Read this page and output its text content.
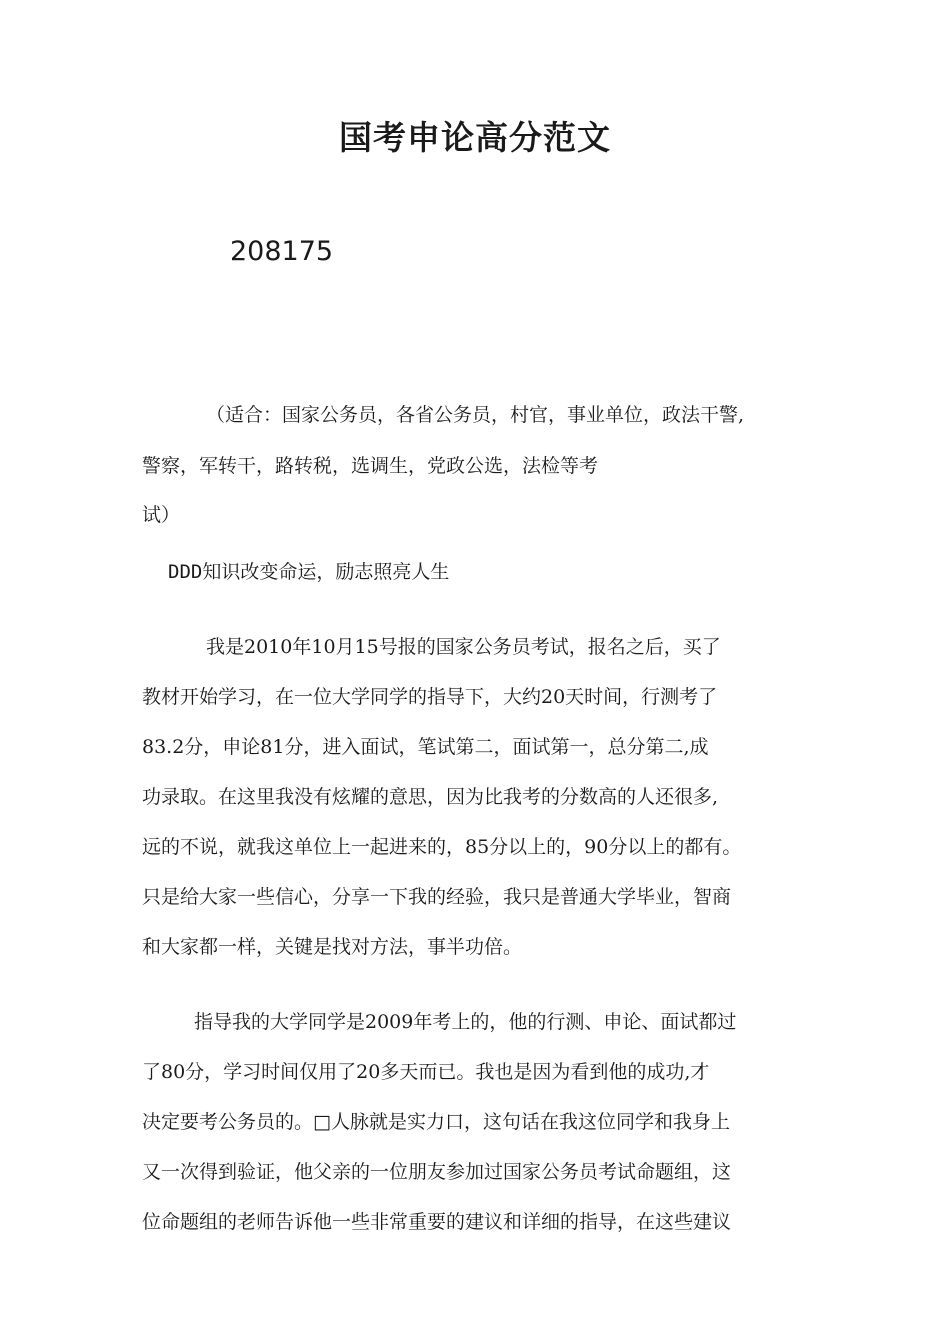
国考申论高分范文
208175
（适合：国家公务员，各省公务员，村官，事业单位，政法干警,
警察，军转干，路转税，选调生，党政公选，法检等考
试）
DDD知识改变命运，励志照亮人生
我是2010年10月15号报的国家公务员考试，报名之后，买了
教材开始学习，在一位大学同学的指导下，大约20天时间，行测考了
83.2分，申论81分，进入面试，笔试第二，面试第一，总分第二,成
功录取。在这里我没有炫耀的意思，因为比我考的分数高的人还很多,
远的不说，就我这单位上一起进来的，85分以上的，90分以上的都有。
只是给大家一些信心，分享一下我的经验，我只是普通大学毕业，智商
和大家都一样，关键是找对方法，事半功倍。
指导我的大学同学是2009年考上的，他的行测、申论、面试都过
了80分，学习时间仅用了20多天而已。我也是因为看到他的成功,才
决定要考公务员的。□人脉就是实力口，这句话在我这位同学和我身上
又一次得到验证，他父亲的一位朋友参加过国家公务员考试命题组，这
位命题组的老师告诉他一些非常重要的建议和详细的指导，在这些建议
